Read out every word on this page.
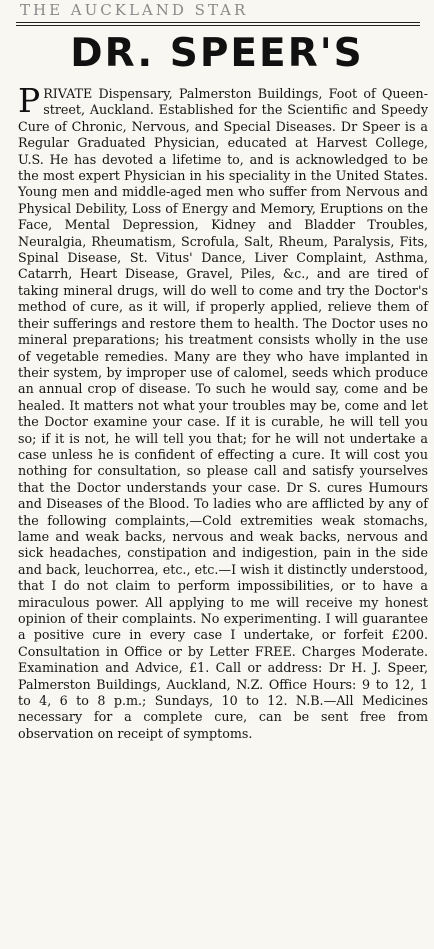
THE AUCKLAND STAR
DR. SPEER'S
P RIVATE Dispensary, Palmerston Buildings, Foot of Queen-street, Auckland. Established for the Scientific and Speedy Cure of Chronic, Nervous, and Special Diseases. Dr Speer is a Regular Graduated Physician, educated at Harvest College, U.S. He has devoted a lifetime to, and is acknowledged to be the most expert Physician in his speciality in the United States. Young men and middle-aged men who suffer from Nervous and Physical Debility, Loss of Energy and Memory, Eruptions on the Face, Mental Depression, Kidney and Bladder Troubles, Neuralgia, Rheumatism, Scrofula, Salt, Rheum, Paralysis, Fits, Spinal Disease, St. Vitus' Dance, Liver Complaint, Asthma, Catarrh, Heart Disease, Gravel, Piles, &c., and are tired of taking mineral drugs, will do well to come and try the Doctor's method of cure, as it will, if properly applied, relieve them of their sufferings and restore them to health. The Doctor uses no mineral preparations; his treatment consists wholly in the use of vegetable remedies. Many are they who have implanted in their system, by improper use of calomel, seeds which produce an annual crop of disease. To such he would say, come and be healed. It matters not what your troubles may be, come and let the Doctor examine your case. If it is curable, he will tell you so; if it is not, he will tell you that; for he will not undertake a case unless he is confident of effecting a cure. It will cost you nothing for consultation, so please call and satisfy yourselves that the Doctor understands your case. Dr S. cures Humours and Diseases of the Blood. To ladies who are afflicted by any of the following complaints,—Cold extremities weak stomachs, lame and weak backs, nervous and weak backs, nervous and sick headaches, constipation and indigestion, pain in the side and back, leuchorrea, etc., etc.—I wish it distinctly understood, that I do not claim to perform impossibilities, or to have a miraculous power. All applying to me will receive my honest opinion of their complaints. No experimenting. I will guarantee a positive cure in every case I undertake, or forfeit £200. Consultation in Office or by Letter FREE. Charges Moderate. Examination and Advice, £1. Call or address: Dr H. J. Speer, Palmerston Buildings, Auckland, N.Z. Office Hours: 9 to 12, 1 to 4, 6 to 8 p.m.; Sundays, 10 to 12. N.B.—All Medicines necessary for a complete cure, can be sent free from observation on receipt of symptoms.
